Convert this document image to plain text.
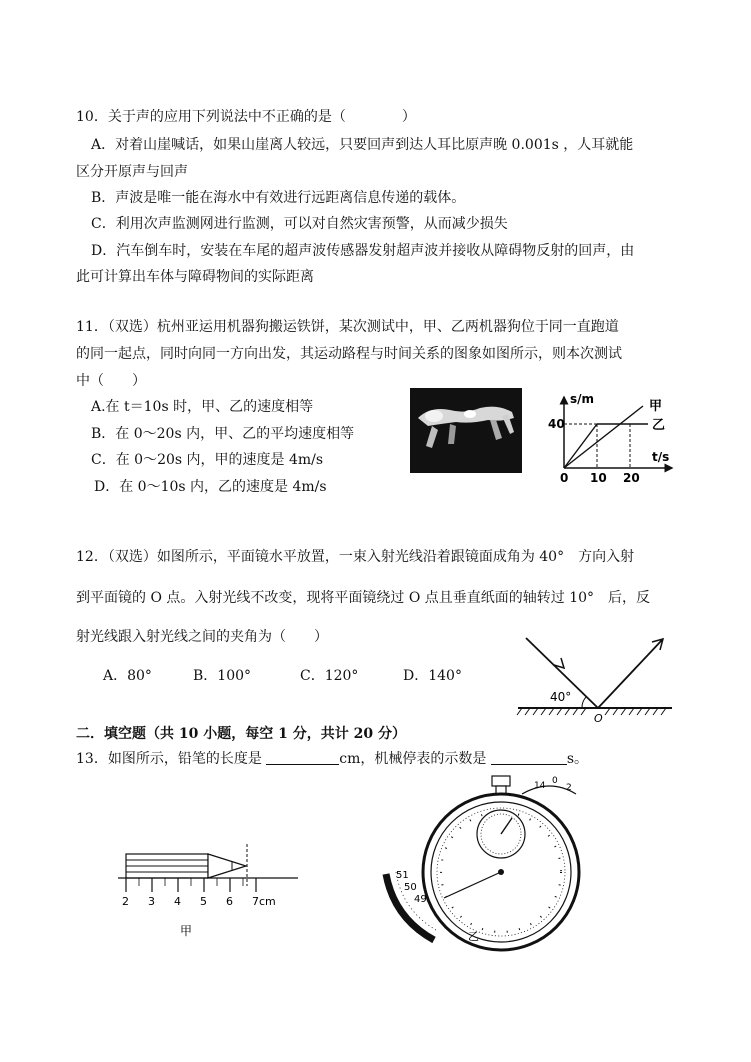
10．关于声的应用下列说法中不正确的是（　　　　）
A．对着山崖喊话，如果山崖离人较远，只要回声到达人耳比原声晚 0.001s ，人耳就能
区分开原声与回声
B．声波是唯一能在海水中有效进行远距离信息传递的载体。
C．利用次声监测网进行监测，可以对自然灾害预警，从而减少损失
D．汽车倒车时，安装在车尾的超声波传感器发射超声波并接收从障碍物反射的回声，由
此可计算出车体与障碍物间的实际距离
11．（双选）杭州亚运用机器狗搬运铁饼，某次测试中，甲、乙两机器狗位于同一直跑道
的同一起点，同时向同一方向出发，其运动路程与时间关系的图象如图所示，则本次测试
中（　　）
A.在 t＝10s 时，甲、乙的速度相等
B．在 0～20s 内，甲、乙的平均速度相等
C．在 0～20s 内，甲的速度是 4m/s
D．在 0～10s 内，乙的速度是 4m/s
s/m
t/s
40
0 10 20
甲
乙
12．（双选）如图所示，平面镜水平放置，一束入射光线沿着跟镜面成角为 40°　方向入射
到平面镜的 O 点。入射光线不改变，现将平面镜绕过 O 点且垂直纸面的轴转过 10°　后，反
射光线跟入射光线之间的夹角为（　　）
A．80°	B．100°	C．120°	D．140°
40°
O
二．填空题（共 10 小题，每空 1 分，共计 20 分）
13．如图所示，铅笔的长度是	cm，机械停表的示数是	s。
2 3 4 5 6 7cm
甲
51
50
49
14 0
2
乙
